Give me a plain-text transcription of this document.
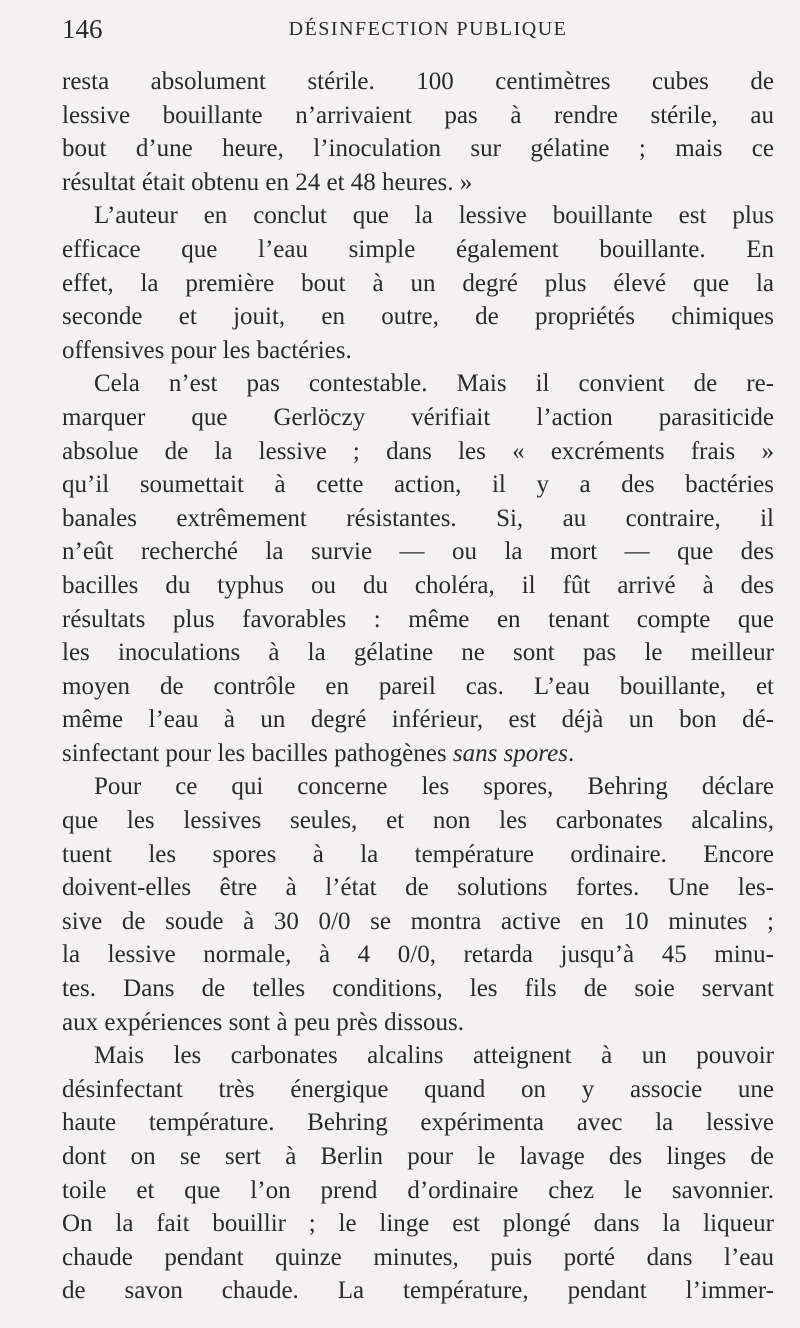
146	DÉSINFECTION PUBLIQUE

resta absolument stérile. 100 centimètres cubes de

lessive bouillante n’arrivaient pas à rendre stérile, au

bout d’une heure, l’inoculation sur gélatine ; mais ce

résultat était obtenu en 24 et 48 heures. »

L’auteur en conclut que la lessive bouillante est plus

efficace que l’eau simple également bouillante. En

effet, la première bout à un degré plus élevé que la

seconde et jouit, en outre, de propriétés chimiques

offensives pour les bactéries.

Cela n’est pas contestable. Mais il convient de re-

marquer que Gerlöczy vérifiait l’action parasiticide

absolue de la lessive ; dans les « excréments frais »

qu’il soumettait à cette action, il y a des bactéries

banales extrêmement résistantes. Si, au contraire, il

n’eût recherché la survie — ou la mort — que des

bacilles du typhus ou du choléra, il fût arrivé à des

résultats plus favorables : même en tenant compte que

les inoculations à la gélatine ne sont pas le meilleur

moyen de contrôle en pareil cas. L’eau bouillante, et

même l’eau à un degré inférieur, est déjà un bon dé-

sinfectant pour les bacilles pathogènes sans spores.

Pour ce qui concerne les spores, Behring déclare

que les lessives seules, et non les carbonates alcalins,

tuent les spores à la température ordinaire. Encore

doivent-elles être à l’état de solutions fortes. Une les-

sive de soude à 30 0/0 se montra active en 10 minutes ;

la lessive normale, à 4 0/0, retarda jusqu’à 45 minu-

tes. Dans de telles conditions, les fils de soie servant

aux expériences sont à peu près dissous.

Mais les carbonates alcalins atteignent à un pouvoir

désinfectant très énergique quand on y associe une

haute température. Behring expérimenta avec la lessive

dont on se sert à Berlin pour le lavage des linges de

toile et que l’on prend d’ordinaire chez le savonnier.

On la fait bouillir ; le linge est plongé dans la liqueur

chaude pendant quinze minutes, puis porté dans l’eau

de savon chaude. La température, pendant l’immer-
